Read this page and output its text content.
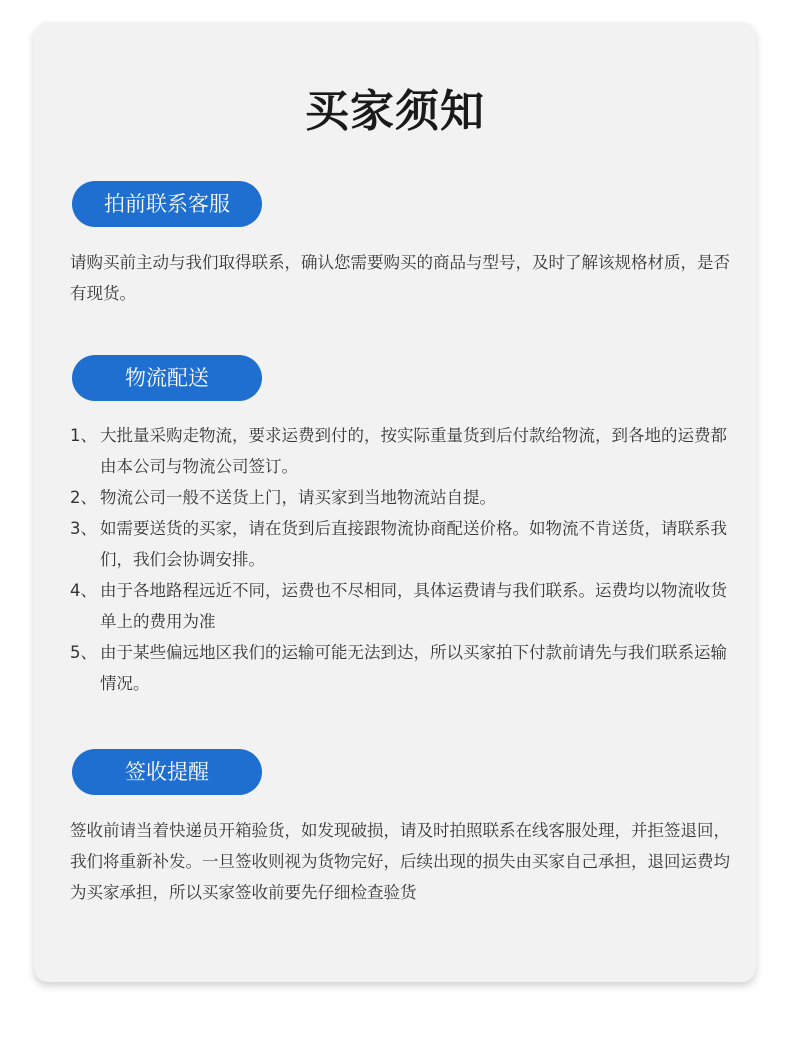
买家须知
拍前联系客服

请购买前主动与我们取得联系，确认您需要购买的商品与型号，及时了解该规格材质，是否有现货。

物流配送
1、 大批量采购走物流，要求运费到付的，按实际重量货到后付款给物流，到各地的运费都由本公司与物流公司签订。
2、 物流公司一般不送货上门，请买家到当地物流站自提。
3、 如需要送货的买家，请在货到后直接跟物流协商配送价格。如物流不肯送货，请联系我们，我们会协调安排。
4、 由于各地路程远近不同，运费也不尽相同，具体运费请与我们联系。运费均以物流收货单上的费用为准
5、 由于某些偏远地区我们的运输可能无法到达，所以买家拍下付款前请先与我们联系运输情况。
签收提醒

签收前请当着快递员开箱验货，如发现破损，请及时拍照联系在线客服处理，并拒签退回，我们将重新补发。一旦签收则视为货物完好，后续出现的损失由买家自己承担，退回运费均为买家承担，所以买家签收前要先仔细检查验货
